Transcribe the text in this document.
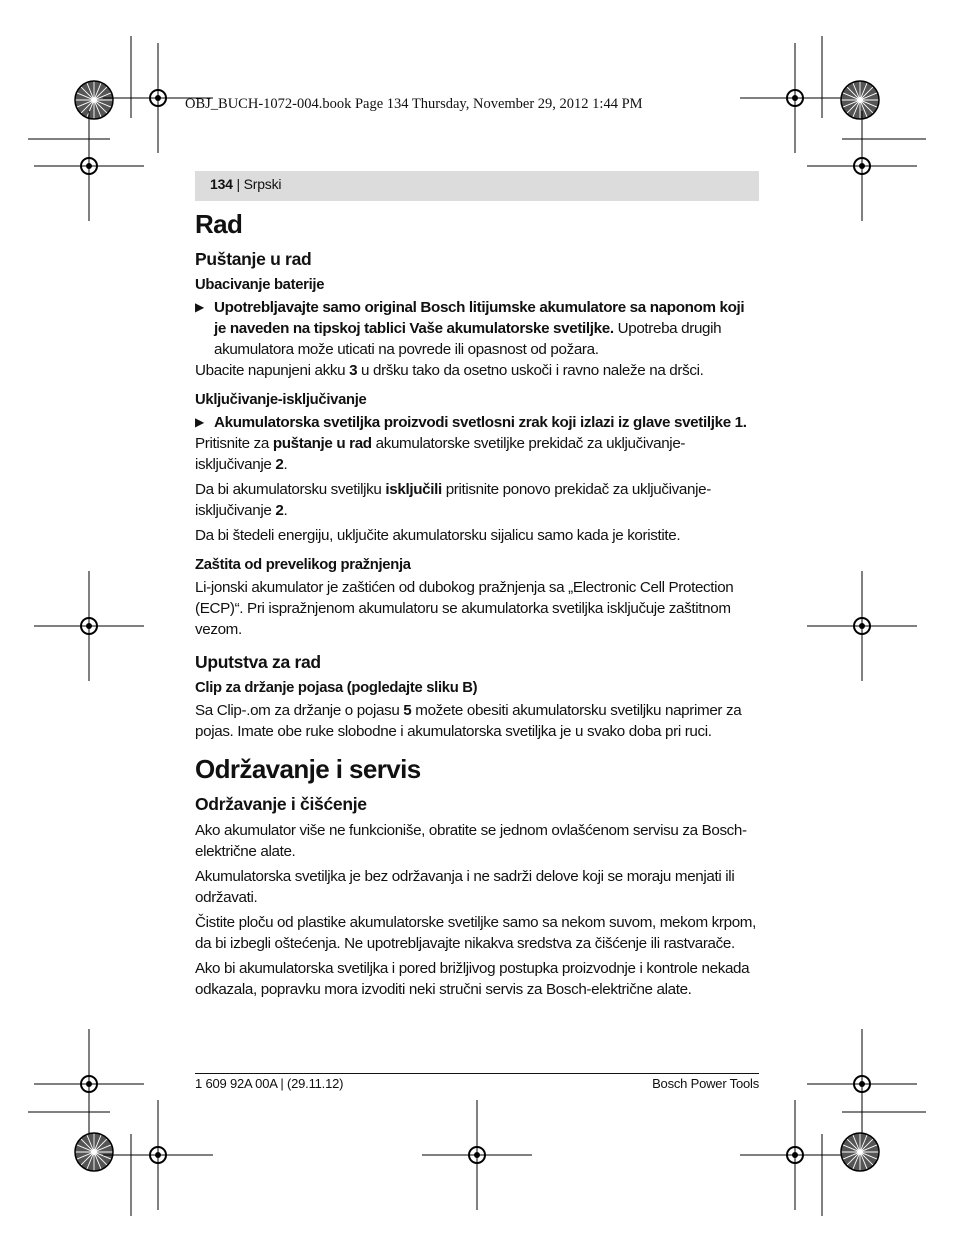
OBJ_BUCH-1072-004.book Page 134 Thursday, November 29, 2012 1:44 PM
134 | Srpski
Rad
Puštanje u rad
Ubacivanje baterije
▶ Upotrebljavajte samo original Bosch litijumske akumulatore sa naponom koji je naveden na tipskoj tablici Vaše akumulatorske svetiljke. Upotreba drugih akumulatora može uticati na povrede ili opasnost od požara.

Ubacite napunjeni akku 3 u dršku tako da osetno uskoči i ravno naleže na dršci.

Uključivanje-isključivanje
▶ Akumulatorska svetiljka proizvodi svetlosni zrak koji izlazi iz glave svetiljke 1.

Pritisnite za puštanje u rad akumulatorske svetiljke prekidač za uključivanje-isključivanje 2.

Da bi akumulatorsku svetiljku isključili pritisnite ponovo prekidač za uključivanje-isključivanje 2.

Da bi štedeli energiju, uključite akumulatorsku sijalicu samo kada je koristite.

Zaštita od prevelikog pražnjenja

Li-jonski akumulator je zaštićen od dubokog pražnjenja sa „Electronic Cell Protection (ECP)“. Pri ispražnjenom akumulatoru se akumulatorka svetiljka isključuje zaštitnom vezom.

Uputstva za rad
Clip za držanje pojasa (pogledajte sliku B)

Sa Clip-.om za držanje o pojasu 5 možete obesiti akumulatorsku svetiljku naprimer za pojas. Imate obe ruke slobodne i akumulatorska svetiljka je u svako doba pri ruci.

Održavanje i servis
Održavanje i čišćenje

Ako akumulator više ne funkcioniše, obratite se jednom ovlašćenom servisu za Bosch-električne alate.

Akumulatorska svetiljka je bez održavanja i ne sadrži delove koji se moraju menjati ili održavati.

Čistite ploču od plastike akumulatorske svetiljke samo sa nekom suvom, mekom krpom, da bi izbegli oštećenja. Ne upotrebljavajte nikakva sredstva za čišćenje ili rastvarače.

Ako bi akumulatorska svetiljka i pored brižljivog postupka proizvodnje i kontrole nekada odkazala, popravku mora izvoditi neki stručni servis za Bosch-električne alate.

1 609 92A 00A | (29.11.12)	Bosch Power Tools
